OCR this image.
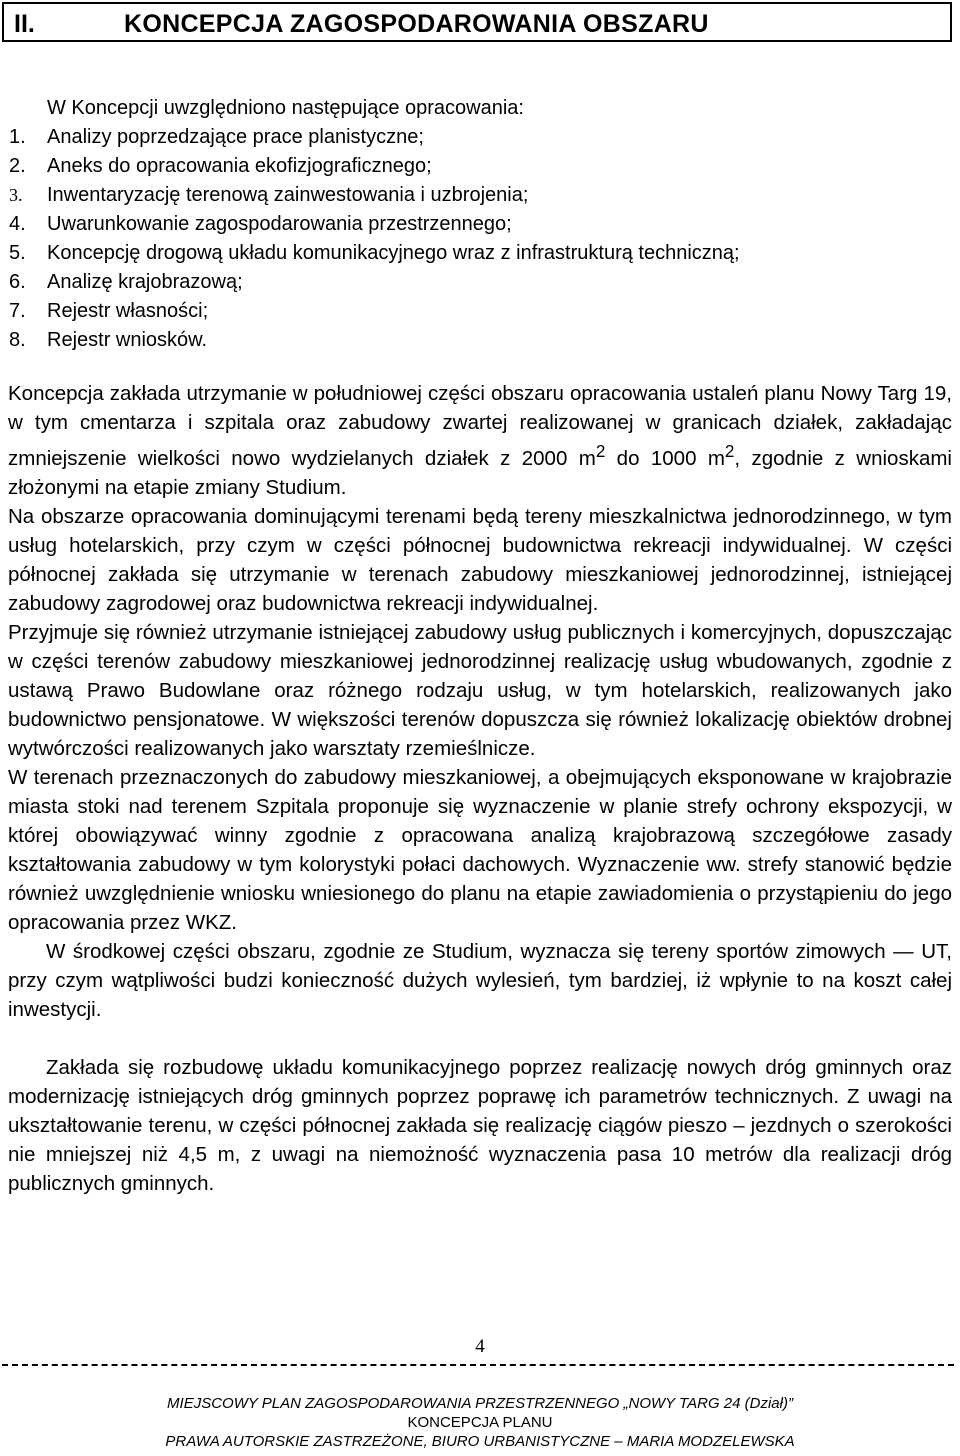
II.	KONCEPCJA ZAGOSPODAROWANIA OBSZARU
W Koncepcji uwzględniono następujące opracowania:
1. Analizy poprzedzające prace planistyczne;
2. Aneks do opracowania ekofizjograficznego;
3. Inwentaryzację terenową zainwestowania i uzbrojenia;
4. Uwarunkowanie zagospodarowania przestrzennego;
5. Koncepcję drogową układu komunikacyjnego wraz z infrastrukturą techniczną;
6. Analizę krajobrazową;
7. Rejestr własności;
8. Rejestr wniosków.

Koncepcja zakłada utrzymanie w południowej części obszaru opracowania ustaleń planu Nowy Targ 19, w tym cmentarza i szpitala oraz zabudowy zwartej realizowanej w granicach działek, zakładając zmniejszenie wielkości nowo wydzielanych działek z 2000 $m^2$ do 1000 $m^2$, zgodnie z wnioskami złożonymi na etapie zmiany Studium.

Na obszarze opracowania dominującymi terenami będą tereny mieszkalnictwa jednorodzinnego, w tym usług hotelarskich, przy czym w części północnej budownictwa rekreacji indywidualnej. W części północnej zakłada się utrzymanie w terenach zabudowy mieszkaniowej jednorodzinnej, istniejącej zabudowy zagrodowej oraz budownictwa rekreacji indywidualnej.

Przyjmuje się również utrzymanie istniejącej zabudowy usług publicznych i komercyjnych, dopuszczając w części terenów zabudowy mieszkaniowej jednorodzinnej realizację usług wbudowanych, zgodnie z ustawą Prawo Budowlane oraz różnego rodzaju usług, w tym hotelarskich, realizowanych jako budownictwo pensjonatowe. W większości terenów dopuszcza się również lokalizację obiektów drobnej wytwórczości realizowanych jako warsztaty rzemieślnicze.

W terenach przeznaczonych do zabudowy mieszkaniowej, a obejmujących eksponowane w krajobrazie miasta stoki nad terenem Szpitala proponuje się wyznaczenie w planie strefy ochrony ekspozycji, w której obowiązywać winny zgodnie z opracowana analizą krajobrazową szczegółowe zasady kształtowania zabudowy w tym kolorystyki połaci dachowych. Wyznaczenie ww. strefy stanowić będzie również uwzględnienie wniosku wniesionego do planu na etapie zawiadomienia o przystąpieniu do jego opracowania przez WKZ.

W środkowej części obszaru, zgodnie ze Studium, wyznacza się tereny sportów zimowych — UT, przy czym wątpliwości budzi konieczność dużych wylesień, tym bardziej, iż wpłynie to na koszt całej inwestycji.

Zakłada się rozbudowę układu komunikacyjnego poprzez realizację nowych dróg gminnych oraz modernizację istniejących dróg gminnych poprzez poprawę ich parametrów technicznych. Z uwagi na ukształtowanie terenu, w części północnej zakłada się realizację ciągów pieszo – jezdnych o szerokości nie mniejszej niż 4,5 m, z uwagi na niemożność wyznaczenia pasa 10 metrów dla realizacji dróg publicznych gminnych.

4
MIEJSCOWY PLAN ZAGOSPODAROWANIA PRZESTRZENNEGO „NOWY TARG 24 (Dział)”
KONCEPCJA PLANU
PRAWA AUTORSKIE ZASTRZEŻONE, BIURO URBANISTYCZNE – MARIA MODZELEWSKA
